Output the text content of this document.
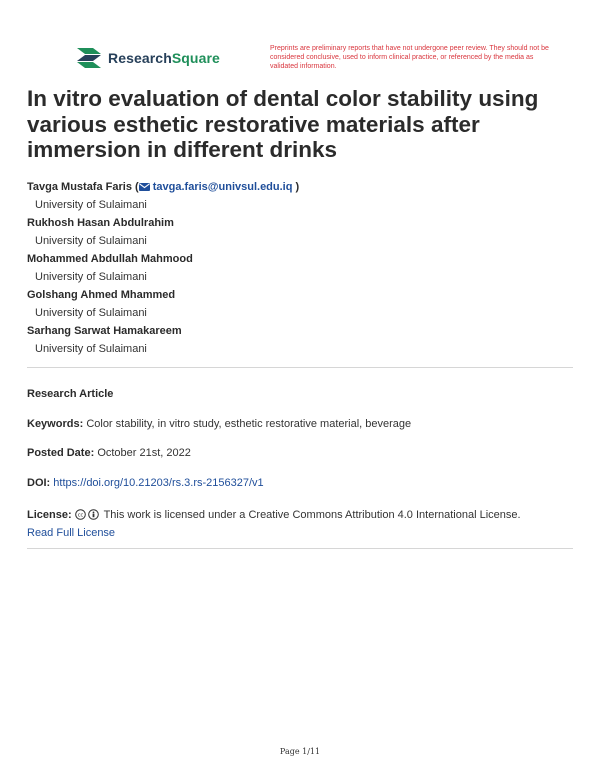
ResearchSquare
Preprints are preliminary reports that have not undergone peer review. They should not be considered conclusive, used to inform clinical practice, or referenced by the media as validated information.
In vitro evaluation of dental color stability using various esthetic restorative materials after immersion in different drinks
Tavga Mustafa Faris ( tavga.faris@univsul.edu.iq )
University of Sulaimani
Rukhosh Hasan Abdulrahim
University of Sulaimani
Mohammed Abdullah Mahmood
University of Sulaimani
Golshang Ahmed Mhammed
University of Sulaimani
Sarhang Sarwat Hamakareem
University of Sulaimani
Research Article
Keywords: Color stability, in vitro study, esthetic restorative material, beverage
Posted Date: October 21st, 2022
DOI: https://doi.org/10.21203/rs.3.rs-2156327/v1
License: cc This work is licensed under a Creative Commons Attribution 4.0 International License.
Read Full License
Page 1/11
